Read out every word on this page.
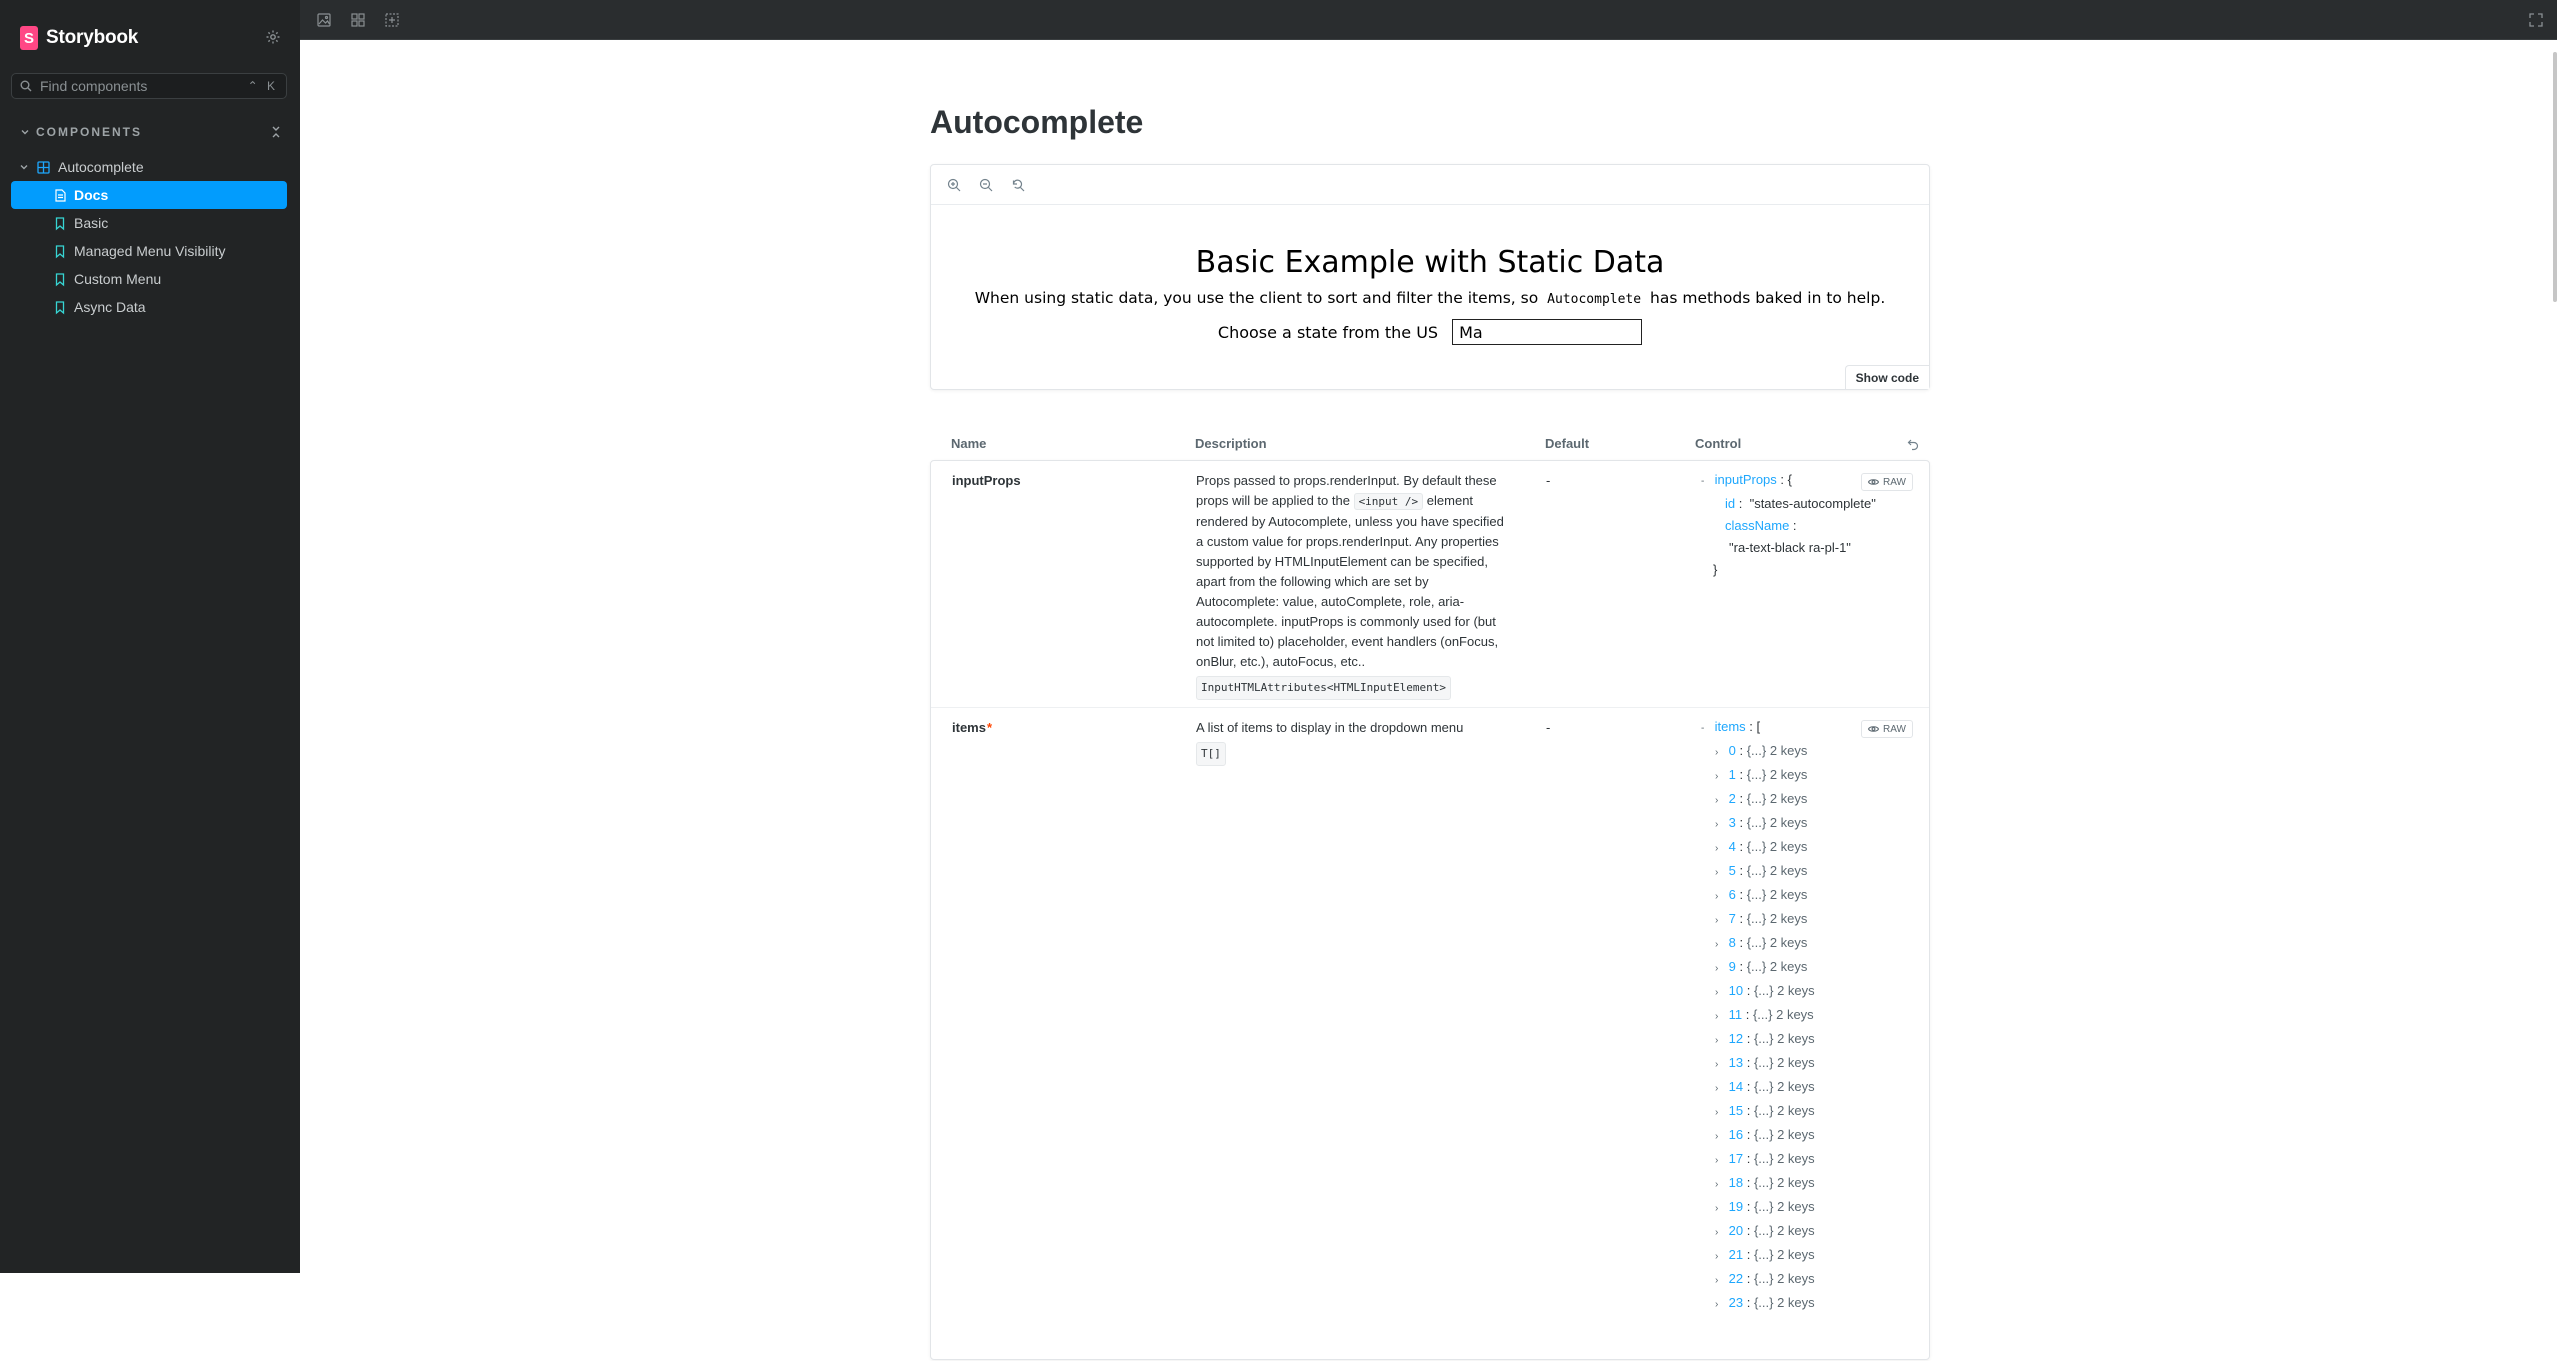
S Storybook
Find components
⌃ K
COMPONENTS
Autocomplete
Docs
Basic
Managed Menu Visibility
Custom Menu
Async Data
Autocomplete
Basic Example with Static Data

When using static data, you use the client to sort and filter the items, so Autocomplete has methods baked in to help.

Choose a state from the US
Ma
Show code
Name	Description	Default	Control
inputProps	Props passed to props.renderInput. By default these props will be applied to the <input /> element rendered by Autocomplete, unless you have specified a custom value for props.renderInput. Any properties supported by HTMLInputElement can be specified, apart from the following which are set by Autocomplete: value, autoComplete, role, aria-autocomplete. inputProps is commonly used for (but not limited to) placeholder, event handlers (onFocus, onBlur, etc.), autoFocus, etc..
InputHTMLAttributes<HTMLInputElement>
-	- inputProps : {
id :  "states-autocomplete"
className :
"ra-text-black ra-pl-1"
}
RAW
items*	A list of items to display in the dropdown menu
T[]
-	- items : [
› 0 : {...} 2 keys
› 1 : {...} 2 keys
› 2 : {...} 2 keys
› 3 : {...} 2 keys
› 4 : {...} 2 keys
› 5 : {...} 2 keys
› 6 : {...} 2 keys
› 7 : {...} 2 keys
› 8 : {...} 2 keys
› 9 : {...} 2 keys
› 10 : {...} 2 keys
› 11 : {...} 2 keys
› 12 : {...} 2 keys
› 13 : {...} 2 keys
› 14 : {...} 2 keys
› 15 : {...} 2 keys
› 16 : {...} 2 keys
› 17 : {...} 2 keys
› 18 : {...} 2 keys
› 19 : {...} 2 keys
› 20 : {...} 2 keys
› 21 : {...} 2 keys
› 22 : {...} 2 keys
› 23 : {...} 2 keys
RAW
